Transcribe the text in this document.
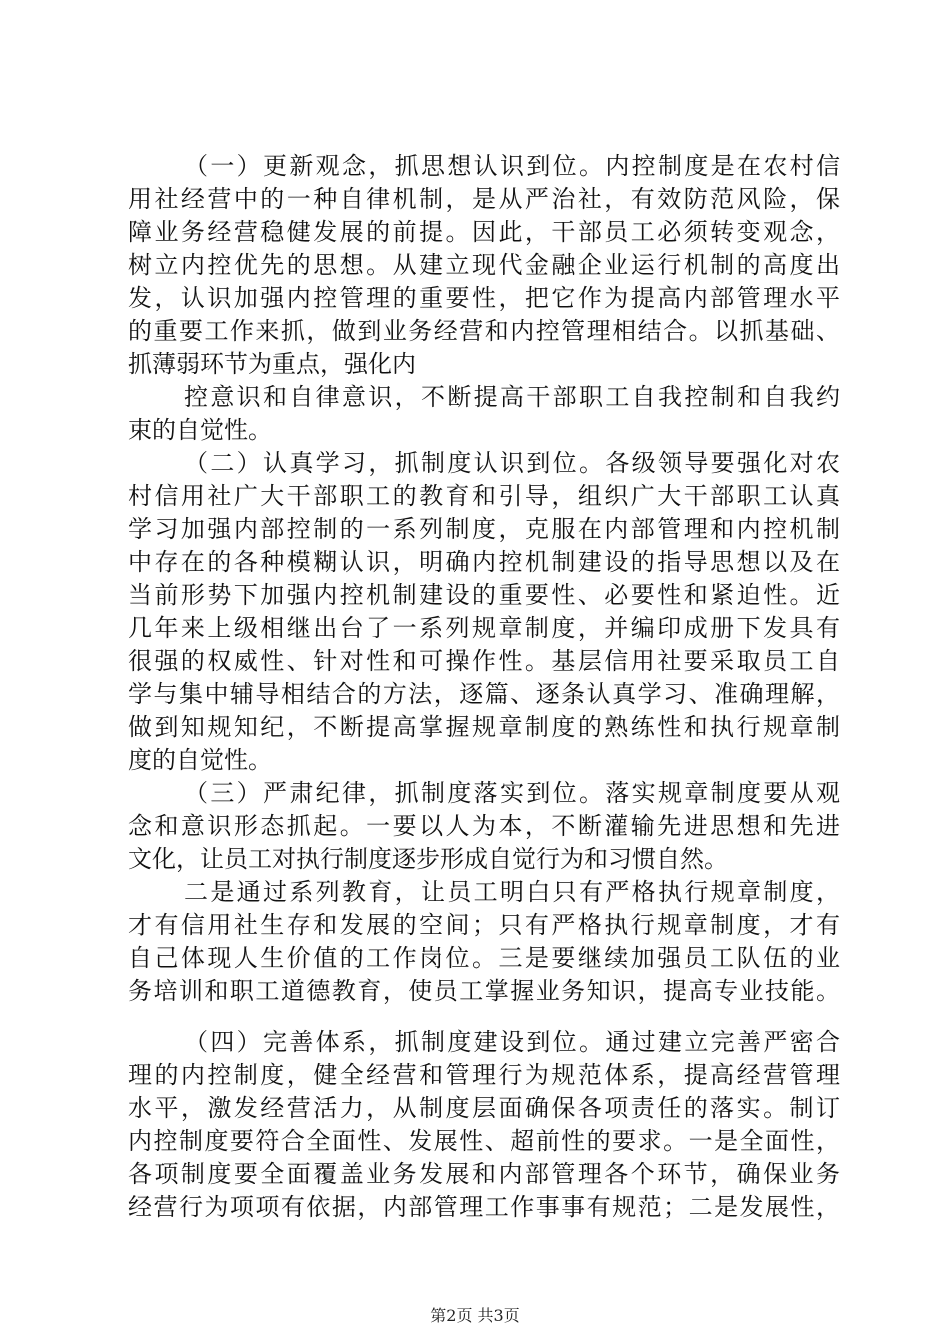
（一）更新观念，抓思想认识到位。内控制度是在农村信
用社经营中的一种自律机制，是从严治社，有效防范风险，保
障业务经营稳健发展的前提。因此，干部员工必须转变观念，
树立内控优先的思想。从建立现代金融企业运行机制的高度出
发，认识加强内控管理的重要性，把它作为提高内部管理水平
的重要工作来抓，做到业务经营和内控管理相结合。以抓基础、
抓薄弱环节为重点，强化内
控意识和自律意识，不断提高干部职工自我控制和自我约
束的自觉性。
（二）认真学习，抓制度认识到位。各级领导要强化对农
村信用社广大干部职工的教育和引导，组织广大干部职工认真
学习加强内部控制的一系列制度，克服在内部管理和内控机制
中存在的各种模糊认识，明确内控机制建设的指导思想以及在
当前形势下加强内控机制建设的重要性、必要性和紧迫性。近
几年来上级相继出台了一系列规章制度，并编印成册下发具有
很强的权威性、针对性和可操作性。基层信用社要采取员工自
学与集中辅导相结合的方法，逐篇、逐条认真学习、准确理解，
做到知规知纪，不断提高掌握规章制度的熟练性和执行规章制
度的自觉性。
（三）严肃纪律，抓制度落实到位。落实规章制度要从观
念和意识形态抓起。一要以人为本，不断灌输先进思想和先进
文化，让员工对执行制度逐步形成自觉行为和习惯自然。
二是通过系列教育，让员工明白只有严格执行规章制度，
才有信用社生存和发展的空间；只有严格执行规章制度，才有
自己体现人生价值的工作岗位。三是要继续加强员工队伍的业
务培训和职工道德教育，使员工掌握业务知识，提高专业技能。
（四）完善体系，抓制度建设到位。通过建立完善严密合
理的内控制度，健全经营和管理行为规范体系，提高经营管理
水平，激发经营活力，从制度层面确保各项责任的落实。制订
内控制度要符合全面性、发展性、超前性的要求。一是全面性，
各项制度要全面覆盖业务发展和内部管理各个环节，确保业务
经营行为项项有依据，内部管理工作事事有规范；二是发展性，
第2页 共3页
